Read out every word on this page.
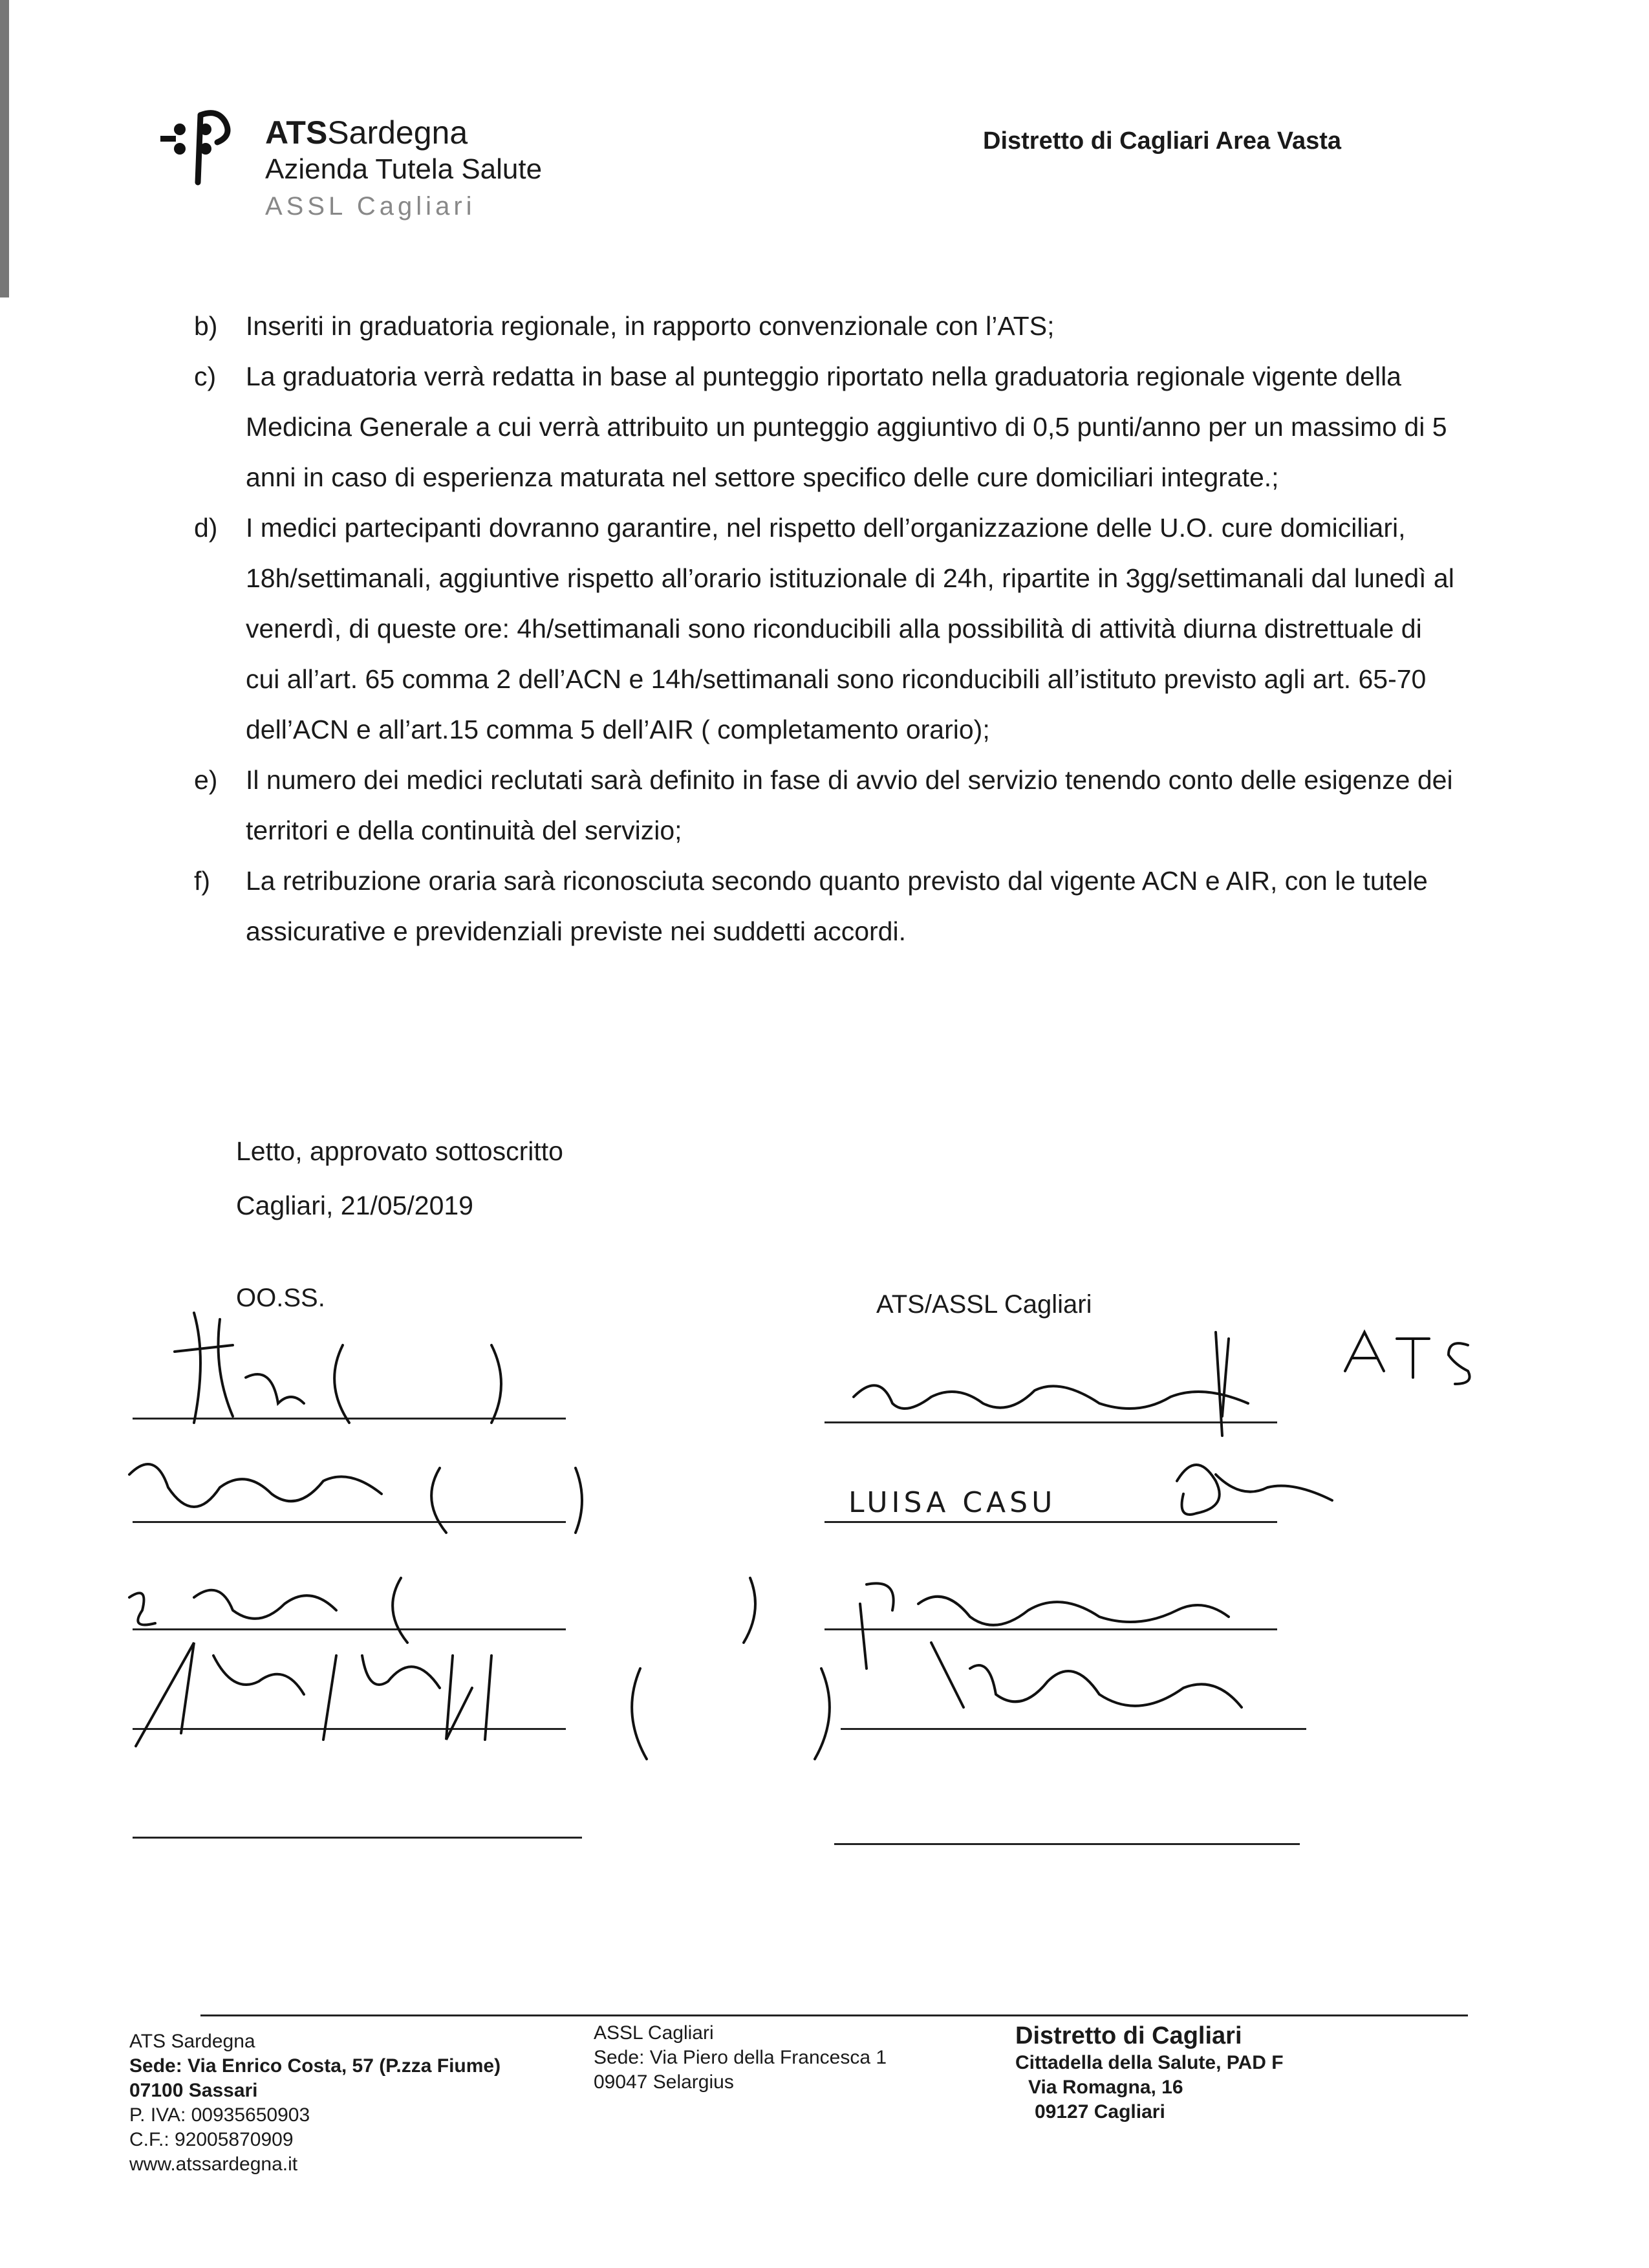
ATSSardegna
Azienda Tutela Salute
ASSL Cagliari
Distretto di Cagliari Area Vasta
b) Inseriti in graduatoria regionale, in rapporto convenzionale con l’ATS;
c) La graduatoria verrà redatta in base al punteggio riportato nella graduatoria regionale vigente della Medicina Generale a cui verrà attribuito un punteggio aggiuntivo di 0,5 punti/anno per un massimo di 5 anni in caso di esperienza maturata nel settore specifico delle cure domiciliari integrate.;
d) I medici partecipanti dovranno garantire, nel rispetto dell’organizzazione delle U.O. cure domiciliari, 18h/settimanali, aggiuntive rispetto all’orario istituzionale di 24h, ripartite in 3gg/settimanali dal lunedì al venerdì, di queste ore: 4h/settimanali sono riconducibili alla possibilità di attività diurna distrettuale di cui all’art. 65 comma 2 dell’ACN e 14h/settimanali sono riconducibili all’istituto previsto agli art. 65-70 dell’ACN e all’art.15 comma 5 dell’AIR ( completamento orario);
e) Il numero dei medici reclutati sarà definito in fase di avvio del servizio tenendo conto delle esigenze dei territori e della continuità del servizio;
f) La retribuzione oraria sarà riconosciuta secondo quanto previsto dal vigente ACN e AIR, con le tutele assicurative e previdenziali previste nei suddetti accordi.
Letto, approvato sottoscritto
Cagliari, 21/05/2019
OO.SS.	ATS/ASSL Cagliari
LUISA CASU
ATS Sardegna
Sede: Via Enrico Costa, 57 (P.zza Fiume)
07100 Sassari
P. IVA: 00935650903
C.F.: 92005870909
www.atssardegna.it
ASSL Cagliari
Sede: Via Piero della Francesca 1
09047 Selargius
Distretto di Cagliari
Cittadella della Salute, PAD F
Via Romagna, 16
09127 Cagliari
